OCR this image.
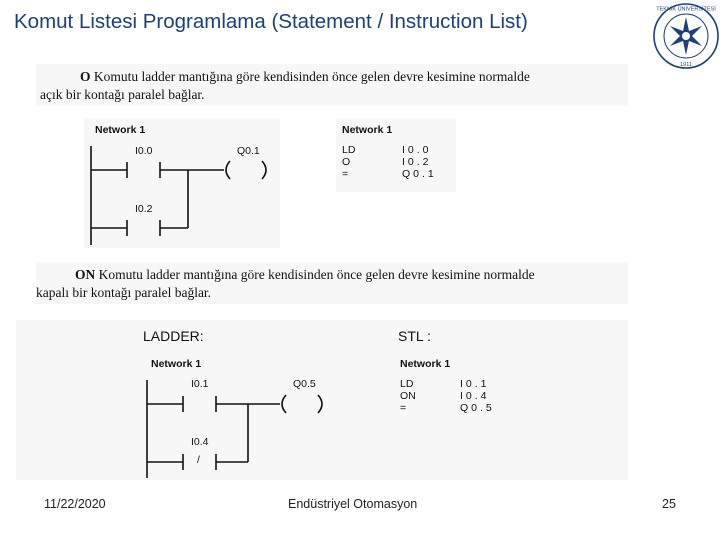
Komut Listesi Programlama (Statement / Instruction List)
TEKNİK ÜNİVERSİTESİ
1911
O Komutu ladder mantığına göre kendisinden önce gelen devre kesimine normalde
açık bir kontağı paralel bağlar.
Network 1
I0.0
I0.2
Q0.1
Network 1
LD	I0.0
O	I0.2
=	Q0.1
ON Komutu ladder mantığına göre kendisinden önce gelen devre kesimine normalde
kapalı bir kontağı paralel bağlar.
LADDER:	STL :
Network 1
I0.1
I0.4
Q0.5
/
Network 1
LD	I0.1
ON	I0.4
=	Q0.5
11/22/2020	Endüstriyel Otomasyon	25
